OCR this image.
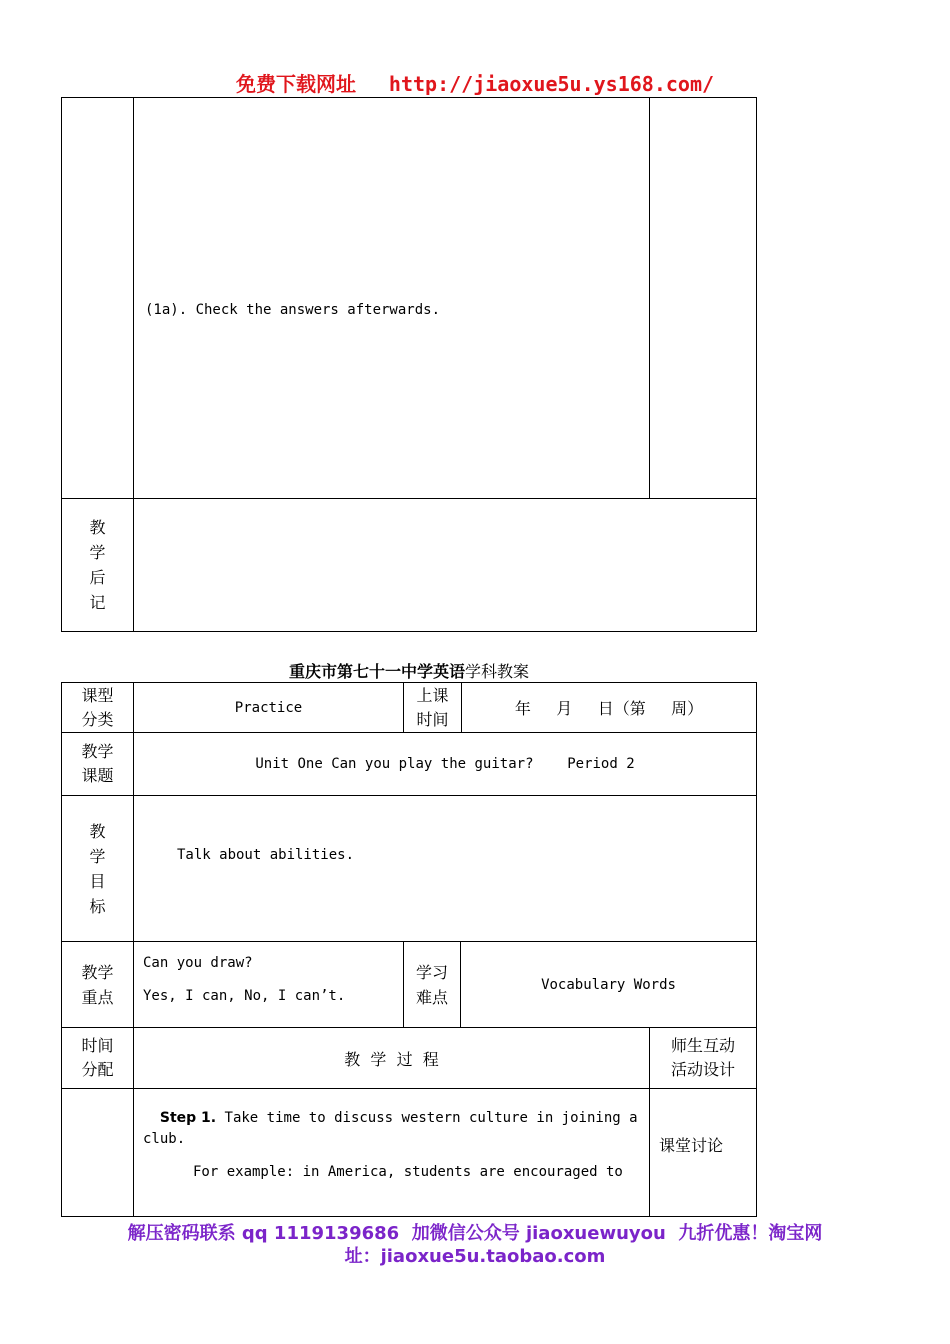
免费下载网址 http://jiaoxue5u.ys168.com/
(1a). Check the answers afterwards.
教
学
后
记
重庆市第七十一中学英语学科教案
课型
分类
Practice
上课
时间
年     月     日（第     周）
教学
课题
Unit One Can you play the guitar?    Period 2
教
学
目
标
Talk about abilities.
教学
重点
Can you draw?
Yes, I can, No, I can’t.
学习
难点
Vocabulary Words
时间
分配
教  学  过  程
师生互动
活动设计

Step 1. Take time to discuss western culture in joining a

club.
For example: in America, students are encouraged to
课堂讨论
解压密码联系 qq 1119139686  加微信公众号 jiaoxuewuyou  九折优惠！淘宝网
址：jiaoxue5u.taobao.com
